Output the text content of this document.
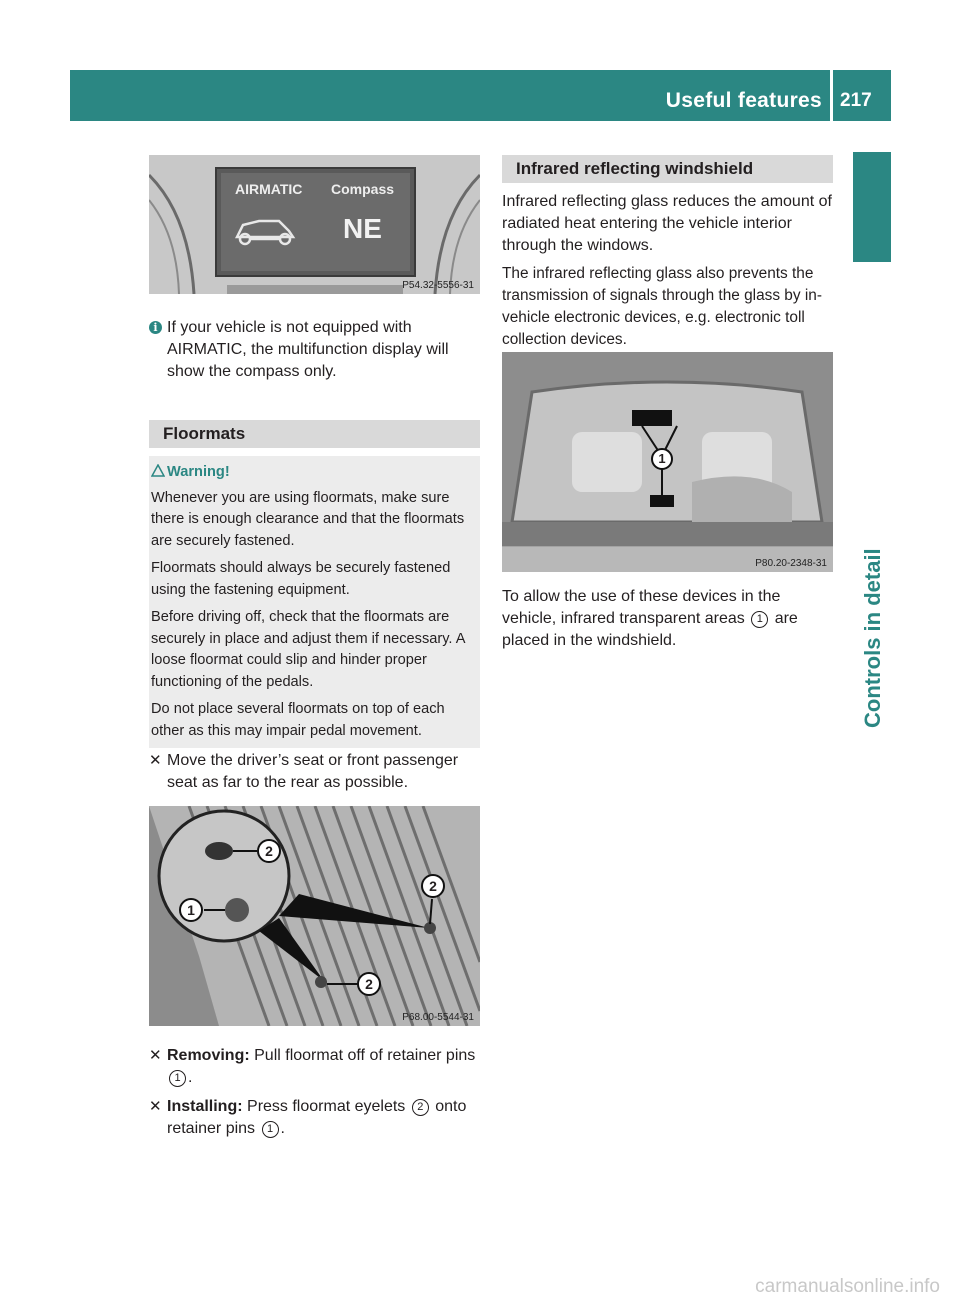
Useful features 217
Controls in detail
AIRMATIC Compass
NE
P54.32-5556-31
i If your vehicle is not equipped with AIRMATIC, the multifunction display will show the compass only.

Floormats
Warning!

Whenever you are using floormats, make sure there is enough clearance and that the floormats are securely fastened.

Floormats should always be securely fastened using the fastening equipment.

Before driving off, check that the floormats are securely in place and adjust them if necessary. A loose floormat could slip and hinder proper functioning of the pedals.

Do not place several floormats on top of each other as this may impair pedal movement.

✕ Move the driver’s seat or front passenger seat as far to the rear as possible.

2
1
2
2
P68.00-5544-31
✕ Removing: Pull floormat off of retainer pins 1 .

✕ Installing: Press floormat eyelets 2 onto retainer pins 1 .

Infrared reflecting windshield

Infrared reflecting glass reduces the amount of radiated heat entering the vehicle interior through the windows.

The infrared reflecting glass also prevents the transmission of signals through the glass by in-vehicle electronic devices, e.g. electronic toll collection devices.

1
P80.20-2348-31

To allow the use of these devices in the vehicle, infrared transparent areas 1 are placed in the windshield.

carmanualsonline.info
